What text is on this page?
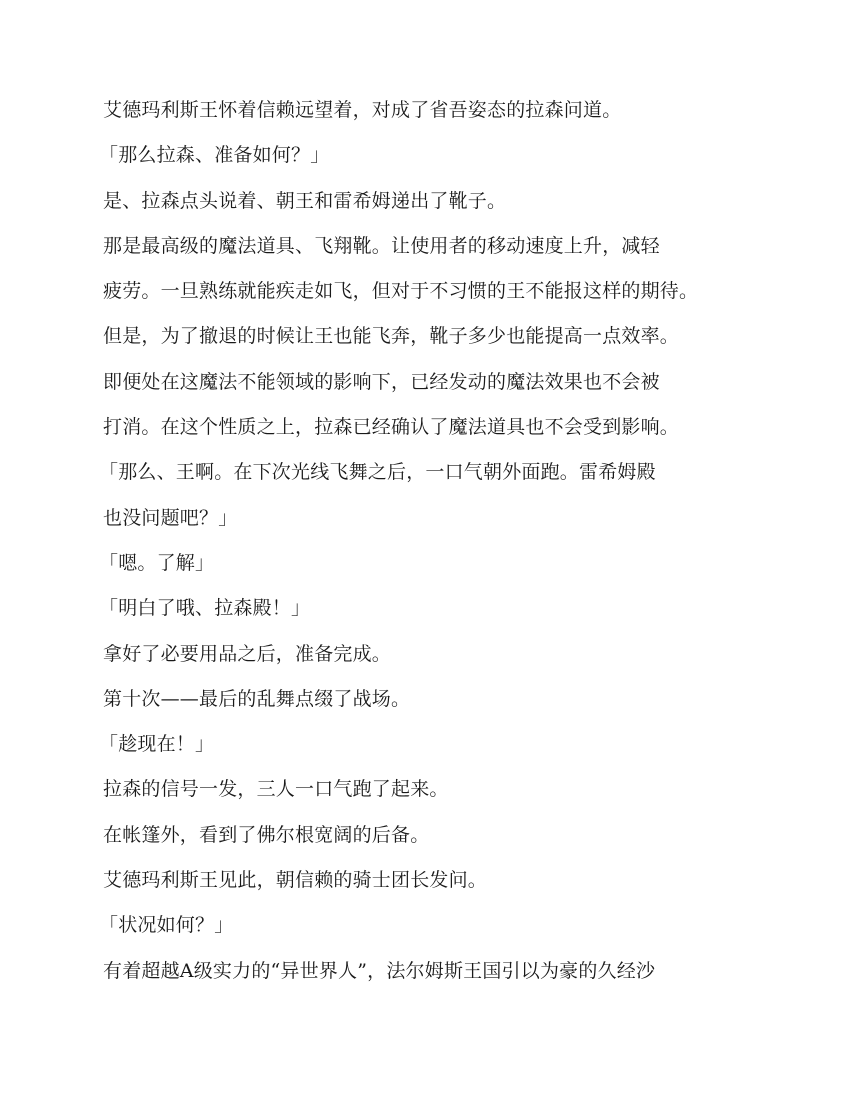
艾德玛利斯王怀着信赖远望着，对成了省吾姿态的拉森问道。
「那么拉森、准备如何？」
是、拉森点头说着、朝王和雷希姆递出了靴子。
那是最高级的魔法道具、飞翔靴。让使用者的移动速度上升，减轻
疲劳。一旦熟练就能疾走如飞，但对于不习惯的王不能报这样的期待。
但是，为了撤退的时候让王也能飞奔，靴子多少也能提高一点效率。
即便处在这魔法不能领域的影响下，已经发动的魔法效果也不会被
打消。在这个性质之上，拉森已经确认了魔法道具也不会受到影响。
「那么、王啊。在下次光线飞舞之后，一口气朝外面跑。雷希姆殿
也没问题吧？」
「嗯。了解」
「明白了哦、拉森殿！」
拿好了必要用品之后，准备完成。
第十次——最后的乱舞点缀了战场。
「趁现在！」
拉森的信号一发，三人一口气跑了起来。
在帐篷外，看到了佛尔根宽阔的后备。
艾德玛利斯王见此，朝信赖的骑士团长发问。
「状况如何？」
有着超越A级实力的“异世界人”，法尔姆斯王国引以为豪的久经沙
